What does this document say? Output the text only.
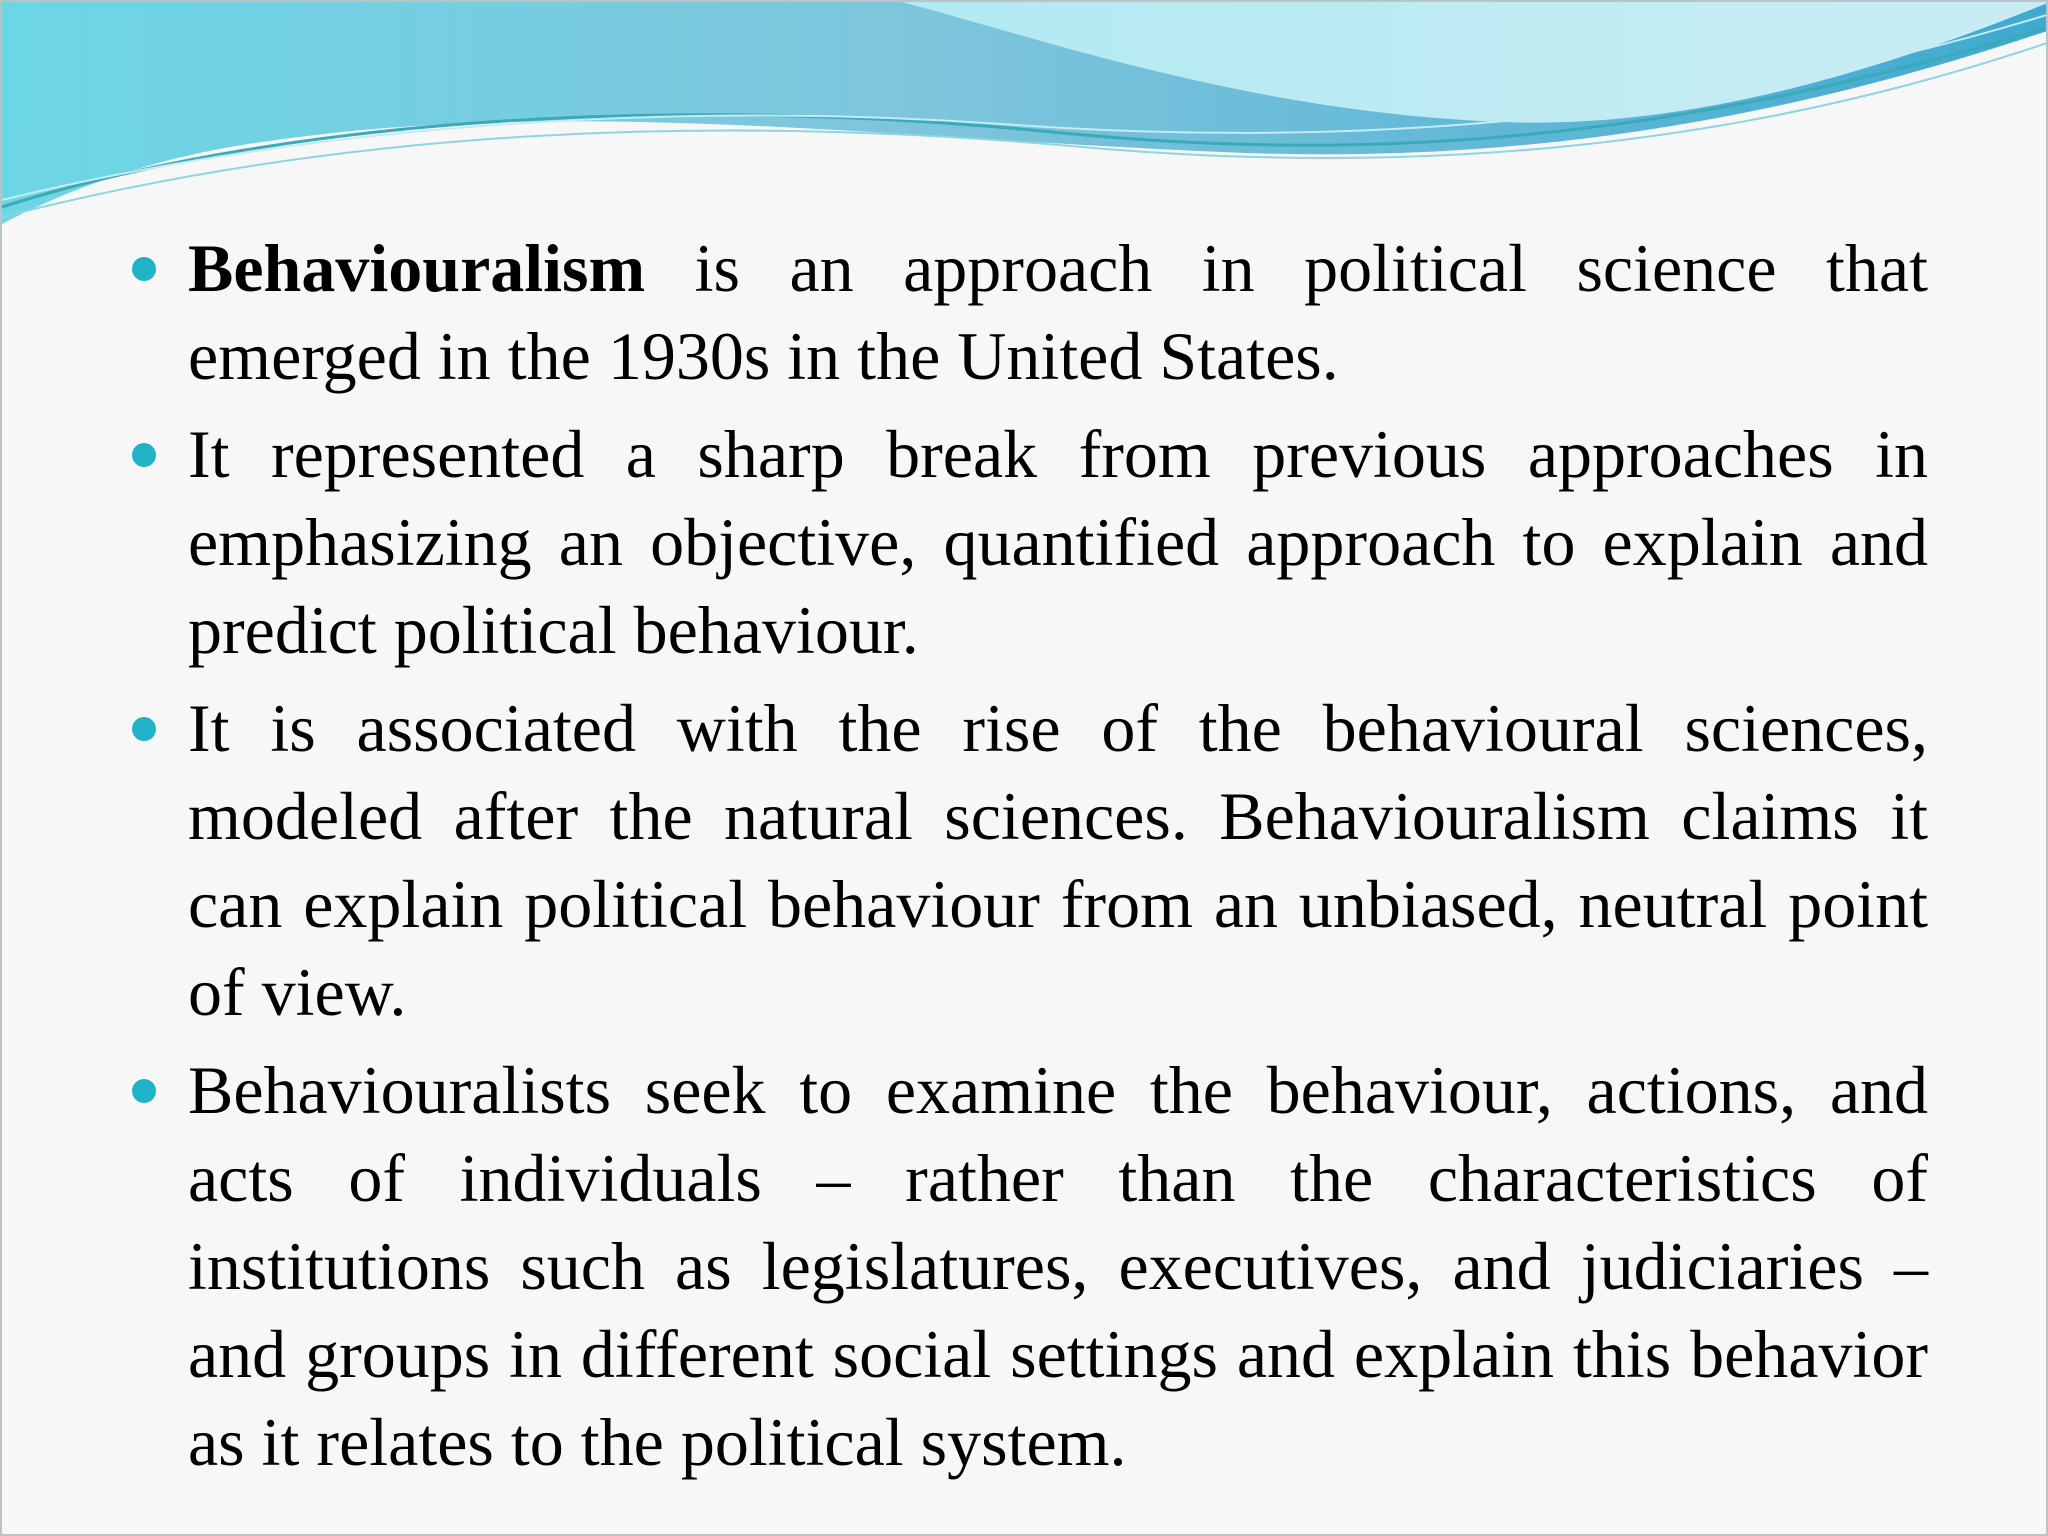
Behaviouralism is an approach in political science that emerged in the 1930s in the United States.
It represented a sharp break from previous approaches in emphasizing an objective, quantified approach to explain and predict political behaviour.
It is associated with the rise of the behavioural sciences, modeled after the natural sciences. Behaviouralism claims it can explain political behaviour from an unbiased, neutral point of view.
Behaviouralists seek to examine the behaviour, actions, and acts of individuals – rather than the characteristics of institutions such as legislatures, executives, and judiciaries – and groups in different social settings and explain this behavior as it relates to the political system.
